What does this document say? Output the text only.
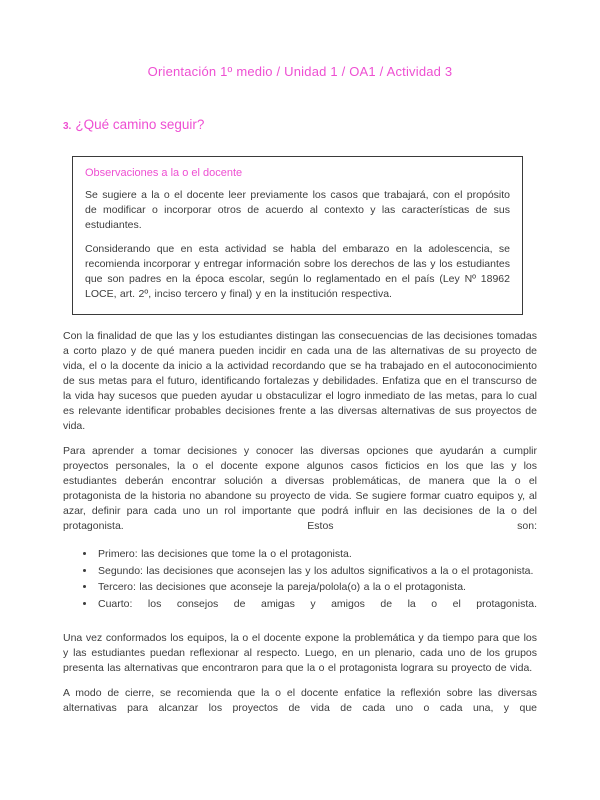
Orientación 1º medio / Unidad 1 / OA1 / Actividad 3
3. ¿Qué camino seguir?
Observaciones a la o el docente

Se sugiere a la o el docente leer previamente los casos que trabajará, con el propósito de modificar o incorporar otros de acuerdo al contexto y las características de sus estudiantes.

Considerando que en esta actividad se habla del embarazo en la adolescencia, se recomienda incorporar y entregar información sobre los derechos de las y los estudiantes que son padres en la época escolar, según lo reglamentado en el país (Ley Nº 18962 LOCE, art. 2º, inciso tercero y final) y en la institución respectiva.

Con la finalidad de que las y los estudiantes distingan las consecuencias de las decisiones tomadas a corto plazo y de qué manera pueden incidir en cada una de las alternativas de su proyecto de vida, el o la docente da inicio a la actividad recordando que se ha trabajado en el autoconocimiento de sus metas para el futuro, identificando fortalezas y debilidades. Enfatiza que en el transcurso de la vida hay sucesos que pueden ayudar u obstaculizar el logro inmediato de las metas, para lo cual es relevante identificar probables decisiones frente a las diversas alternativas de sus proyectos de vida.

Para aprender a tomar decisiones y conocer las diversas opciones que ayudarán a cumplir proyectos personales, la o el docente expone algunos casos ficticios en los que las y los estudiantes deberán encontrar solución a diversas problemáticas, de manera que la o el protagonista de la historia no abandone su proyecto de vida. Se sugiere formar cuatro equipos y, al azar, definir para cada uno un rol importante que podrá influir en las decisiones de la o del protagonista. Estos son:

• Primero: las decisiones que tome la o el protagonista.
• Segundo: las decisiones que aconsejen las y los adultos significativos a la o el protagonista.
• Tercero: las decisiones que aconseje la pareja/polola(o) a la o el protagonista.
• Cuarto: los consejos de amigas y amigos de la o el protagonista.

Una vez conformados los equipos, la o el docente expone la problemática y da tiempo para que los y las estudiantes puedan reflexionar al respecto. Luego, en un plenario, cada uno de los grupos presenta las alternativas que encontraron para que la o el protagonista lograra su proyecto de vida.

A modo de cierre, se recomienda que la o el docente enfatice la reflexión sobre las diversas alternativas para alcanzar los proyectos de vida de cada uno o cada una, y que
